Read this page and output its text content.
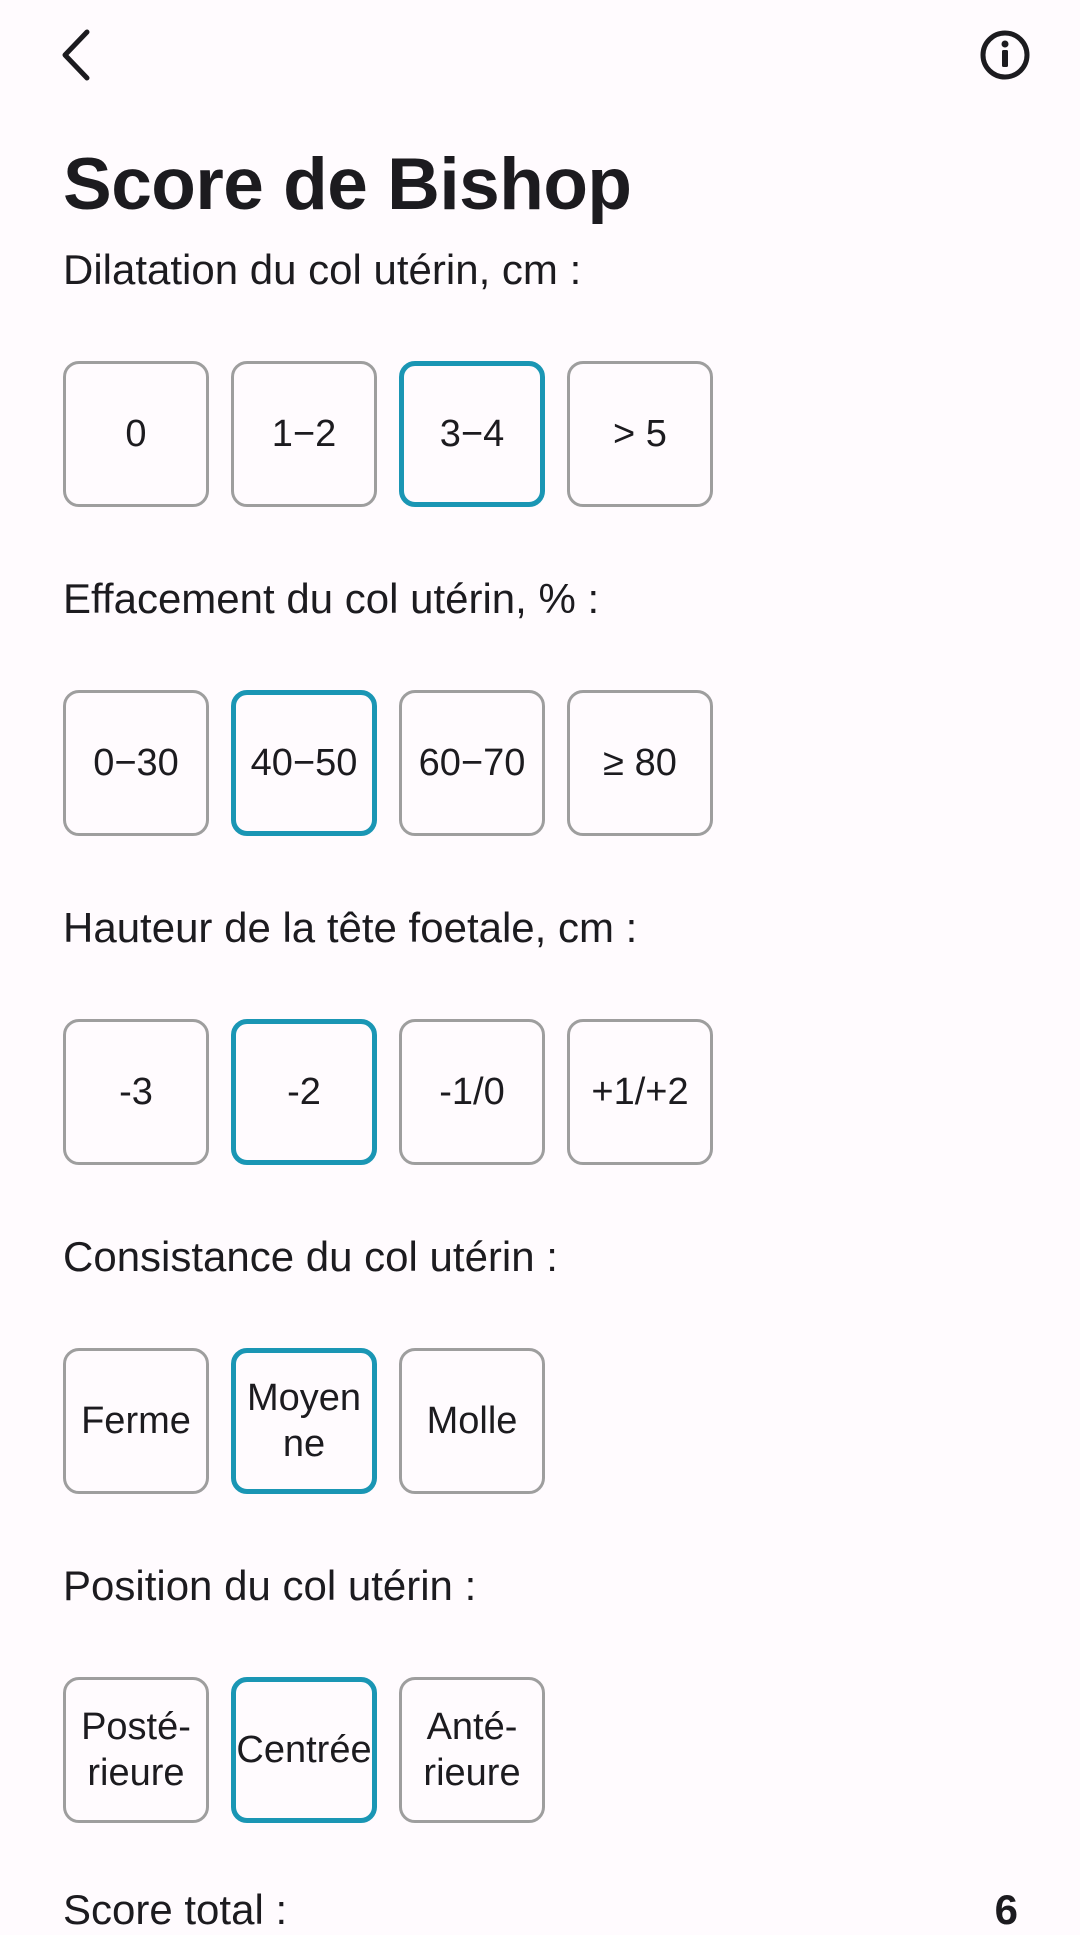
Score de Bishop
Dilatation du col utérin, cm :
0	1−2	3−4	> 5
Effacement du col utérin, % :
0−30	40−50	60−70	≥ 80
Hauteur de la tête foetale, cm :
-3	-2	-1/0	+1/+2
Consistance du col utérin :
Ferme
Moyen
ne
Molle
Position du col utérin :
Posté-
rieure
Centrée
Anté-
rieure
Score total :	6
